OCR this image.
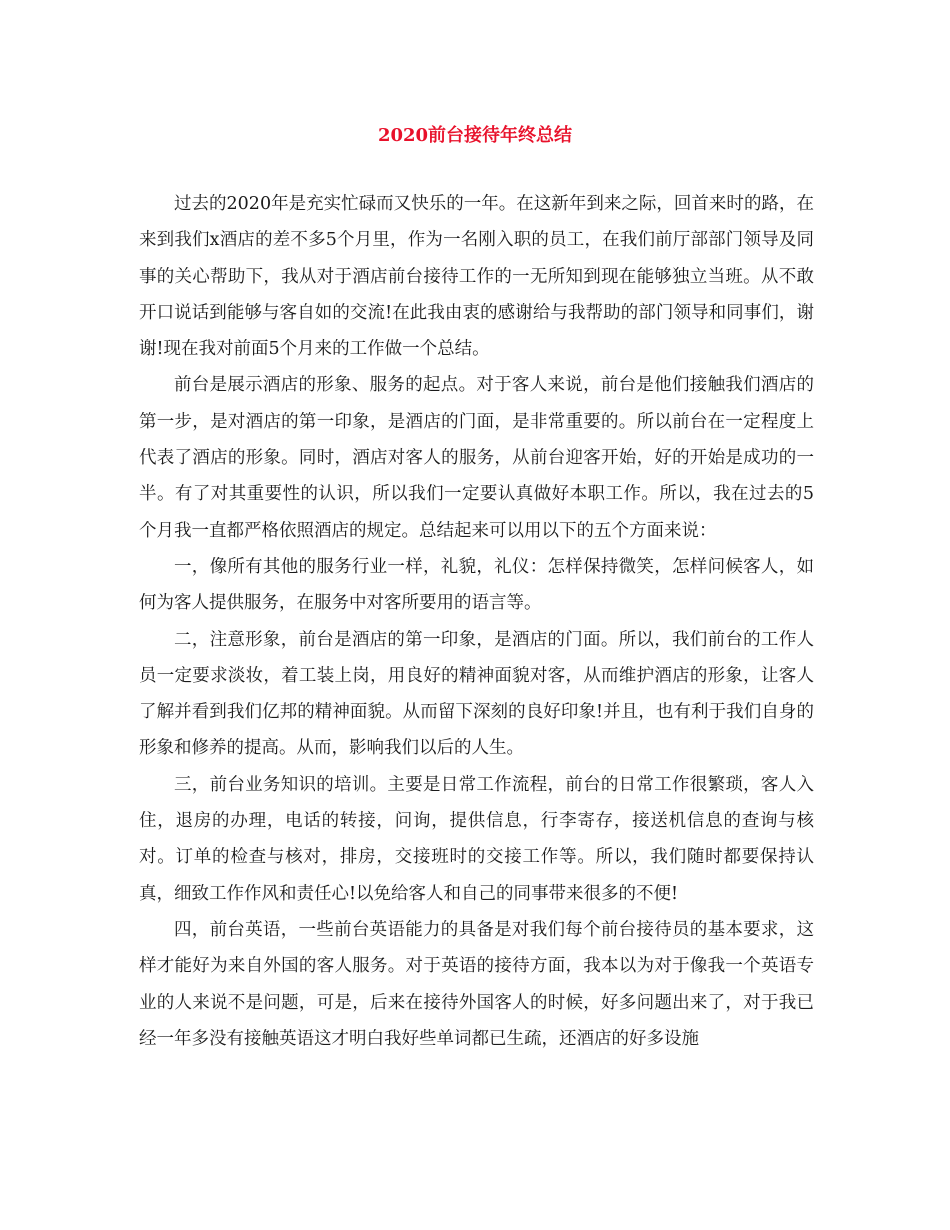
2020前台接待年终总结

过去的2020年是充实忙碌而又快乐的一年。在这新年到来之际，回首来时的路，在来到我们x酒店的差不多5个月里，作为一名刚入职的员工，在我们前厅部部门领导及同事的关心帮助下，我从对于酒店前台接待工作的一无所知到现在能够独立当班。从不敢开口说话到能够与客自如的交流!在此我由衷的感谢给与我帮助的部门领导和同事们，谢谢!现在我对前面5个月来的工作做一个总结。

前台是展示酒店的形象、服务的起点。对于客人来说，前台是他们接触我们酒店的第一步，是对酒店的第一印象，是酒店的门面，是非常重要的。所以前台在一定程度上代表了酒店的形象。同时，酒店对客人的服务，从前台迎客开始，好的开始是成功的一半。有了对其重要性的认识，所以我们一定要认真做好本职工作。所以，我在过去的5个月我一直都严格依照酒店的规定。总结起来可以用以下的五个方面来说：

一，像所有其他的服务行业一样，礼貌，礼仪：怎样保持微笑，怎样问候客人，如何为客人提供服务，在服务中对客所要用的语言等。

二，注意形象，前台是酒店的第一印象，是酒店的门面。所以，我们前台的工作人员一定要求淡妆，着工装上岗，用良好的精神面貌对客，从而维护酒店的形象，让客人了解并看到我们亿邦的精神面貌。从而留下深刻的良好印象!并且，也有利于我们自身的形象和修养的提高。从而，影响我们以后的人生。

三，前台业务知识的培训。主要是日常工作流程，前台的日常工作很繁琐，客人入住，退房的办理，电话的转接，问询，提供信息，行李寄存，接送机信息的查询与核对。订单的检查与核对，排房，交接班时的交接工作等。所以，我们随时都要保持认真，细致工作作风和责任心!以免给客人和自己的同事带来很多的不便!

四，前台英语，一些前台英语能力的具备是对我们每个前台接待员的基本要求，这样才能好为来自外国的客人服务。对于英语的接待方面，我本以为对于像我一个英语专业的人来说不是问题，可是，后来在接待外国客人的时候，好多问题出来了，对于我已经一年多没有接触英语这才明白我好些单词都已生疏，还酒店的好多设施
